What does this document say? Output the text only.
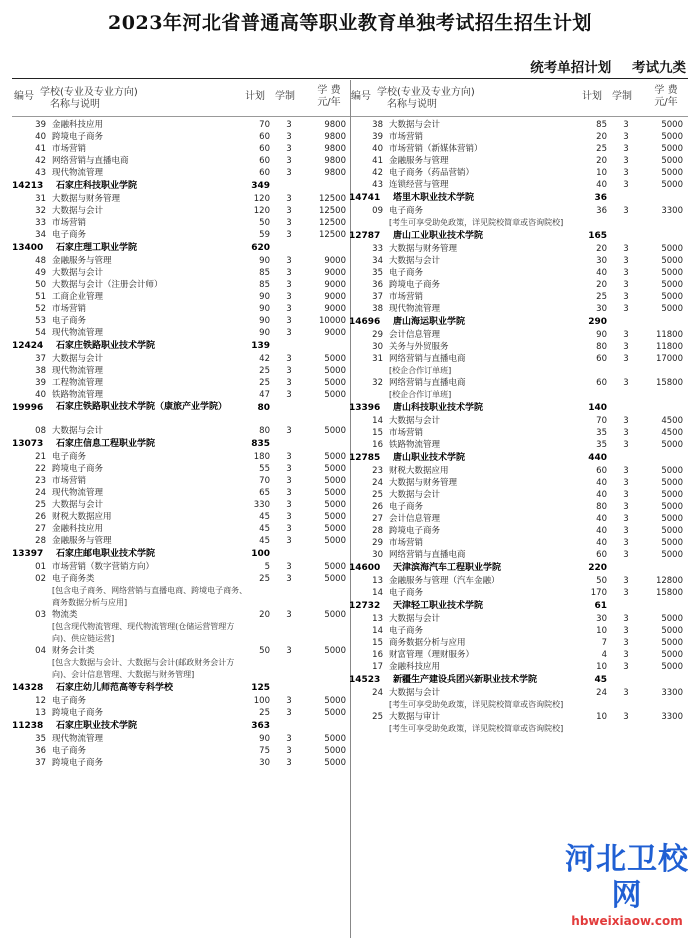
2023年河北省普通高等职业教育单独考试招生招生计划
统考单招计划 考试九类
编号 学校(专业及专业方向)
名称与说明
计划 学制
学 费
元/年
39 金融科技应用	70	3	9800
40 跨境电子商务	60	3	9800
41 市场营销	60	3	9800
42 网络营销与直播电商	60	3	9800
43 现代物流管理	60	3	9800
14213 石家庄科技职业学院	349
31 大数据与财务管理	120	3	12500
32 大数据与会计	120	3	12500
33 市场营销	50	3	12500
34 电子商务	59	3	12500
13400 石家庄理工职业学院	620
48 金融服务与管理	90	3	9000
49 大数据与会计	85	3	9000
50 大数据与会计（注册会计师）	85	3	9000
51 工商企业管理	90	3	9000
52 市场营销	90	3	9000
53 电子商务	90	3	10000
54 现代物流管理	90	3	9000
12424 石家庄铁路职业技术学院	139
37 大数据与会计	42	3	5000
38 现代物流管理	25	3	5000
39 工程物流管理	25	3	5000
40 铁路物流管理	47	3	5000
19996 石家庄铁路职业技术学院（康旅产业学院）	80
08 大数据与会计	80	3	5000
13073 石家庄信息工程职业学院	835
21 电子商务	180	3	5000
22 跨境电子商务	55	3	5000
23 市场营销	70	3	5000
24 现代物流管理	65	3	5000
25 大数据与会计	330	3	5000
26 财税大数据应用	45	3	5000
27 金融科技应用	45	3	5000
28 金融服务与管理	45	3	5000
13397 石家庄邮电职业技术学院	100
01 市场营销（数字营销方向）	5	3	5000
02 电子商务类	25	3	5000
[包含电子商务、网络营销与直播电商、跨境电子商务、商务数据分析与应用]
03 物流类	20	3	5000
[包含现代物流管理、现代物流管理(仓储运营管理方向)、供应链运营]
04 财务会计类	50	3	5000
[包含大数据与会计、大数据与会计(邮政财务会计方向)、会计信息管理、大数据与财务管理]
14328 石家庄幼儿师范高等专科学校	125
12 电子商务	100	3	5000
13 跨境电子商务	25	3	5000
11238 石家庄职业技术学院	363
35 现代物流管理	90	3	5000
36 电子商务	75	3	5000
37 跨境电子商务	30	3	5000
编号 学校(专业及专业方向)
名称与说明
计划 学制
学 费
元/年
38 大数据与会计	85	3	5000
39 市场营销	20	3	5000
40 市场营销（新媒体营销）	25	3	5000
41 金融服务与管理	20	3	5000
42 电子商务（药品营销）	10	3	5000
43 连锁经营与管理	40	3	5000
14741 塔里木职业技术学院	36
09 电子商务	36	3	3300
[考生可享受助免政策，详见院校简章或咨询院校]
12787 唐山工业职业技术学院	165
33 大数据与财务管理	20	3	5000
34 大数据与会计	30	3	5000
35 电子商务	40	3	5000
36 跨境电子商务	20	3	5000
37 市场营销	25	3	5000
38 现代物流管理	30	3	5000
14696 唐山海运职业学院	290
29 会计信息管理	90	3	11800
30 关务与外贸服务	80	3	11800
31 网络营销与直播电商	60	3	17000
[校企合作订单班]
32 网络营销与直播电商	60	3	15800
[校企合作订单班]
13396 唐山科技职业技术学院	140
14 大数据与会计	70	3	4500
15 市场营销	35	3	4500
16 铁路物流管理	35	3	5000
12785 唐山职业技术学院	440
23 财税大数据应用	60	3	5000
24 大数据与财务管理	40	3	5000
25 大数据与会计	40	3	5000
26 电子商务	80	3	5000
27 会计信息管理	40	3	5000
28 跨境电子商务	40	3	5000
29 市场营销	40	3	5000
30 网络营销与直播电商	60	3	5000
14600 天津滨海汽车工程职业学院	220
13 金融服务与管理（汽车金融）	50	3	12800
14 电子商务	170	3	15800
12732 天津轻工职业技术学院	61
13 大数据与会计	30	3	5000
14 电子商务	10	3	5000
15 商务数据分析与应用	7	3	5000
16 财富管理（理财服务）	4	3	5000
17 金融科技应用	10	3	5000
14523 新疆生产建设兵团兴新职业技术学院	45
24 大数据与会计	24	3	3300
[考生可享受助免政策，详见院校简章或咨询院校]
25 大数据与审计	10	3	3300
[考生可享受助免政策，详见院校简章或咨询院校]
河北卫校网
hbweixiaow.com
